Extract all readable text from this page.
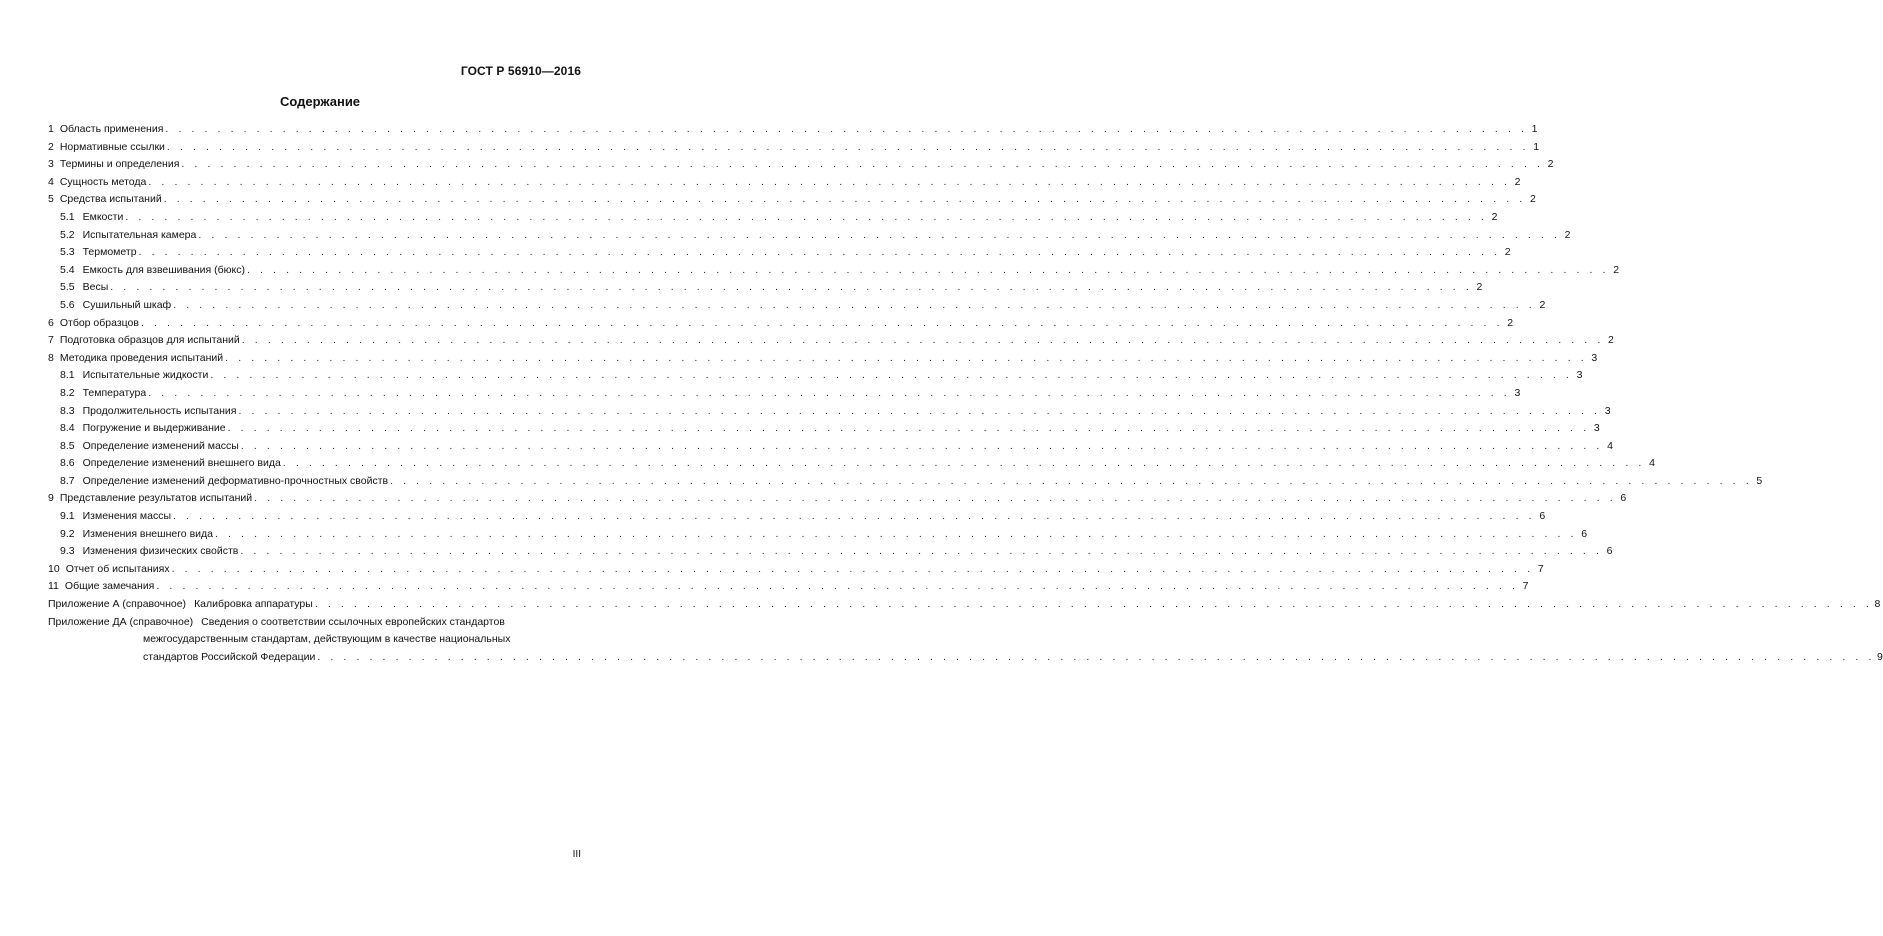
ГОСТ Р 56910—2016
Содержание
1 Область применения . . .	1
2 Нормативные ссылки . . .	1
3 Термины и определения . . .	2
4 Сущность метода . . .	2
5 Средства испытаний . . .	2
5.1 Емкости . . .	2
5.2 Испытательная камера . . .	2
5.3 Термометр . . .	2
5.4 Емкость для взвешивания (бюкс) . . .	2
5.5 Весы . . .	2
5.6 Сушильный шкаф . . .	2
6 Отбор образцов . . .	2
7 Подготовка образцов для испытаний . . .	2
8 Методика проведения испытаний . . .	3
8.1 Испытательные жидкости . . .	3
8.2 Температура . . .	3
8.3 Продолжительность испытания . . .	3
8.4 Погружение и выдерживание . . .	3
8.5 Определение изменений массы . . .	4
8.6 Определение изменений внешнего вида . . .	4
8.7 Определение изменений деформативно-прочностных свойств . . .	5
9 Представление результатов испытаний . . .	6
9.1 Изменения массы . . .	6
9.2 Изменения внешнего вида . . .	6
9.3 Изменения физических свойств . . .	6
10 Отчет об испытаниях . . .	7
11 Общие замечания . . .	7
Приложение А (справочное) Калибровка аппаратуры . . . . . . . . . . . . . . . . . . . . . . . . . . . . . . . . . . . . . . . . . . . . . . . . . . . . . . . . . . . . . . . . . . . . . . . . . . . . . . . . . . . . . . . . . . . . . . . . . . . . . . . . . . . . . . . . . . . . . . . . 8
Приложение ДА (справочное) Сведения о соответствии ссылочных европейских стандартов
межгосударственным стандартам, действующим в качестве национальных
стандартов Российской Федерации . . . . . . . . . . . . . . . . . . . . . . . . . . . . . . . . . . . . . . . . . . . . . . . . . . . . . . . . . . . . . . . . . . . . . . . . . . . . . . . . . . . . . . . . . . . . . . . . . . . . . . . . . . . . . . . . . . . . . . . . 9
III
